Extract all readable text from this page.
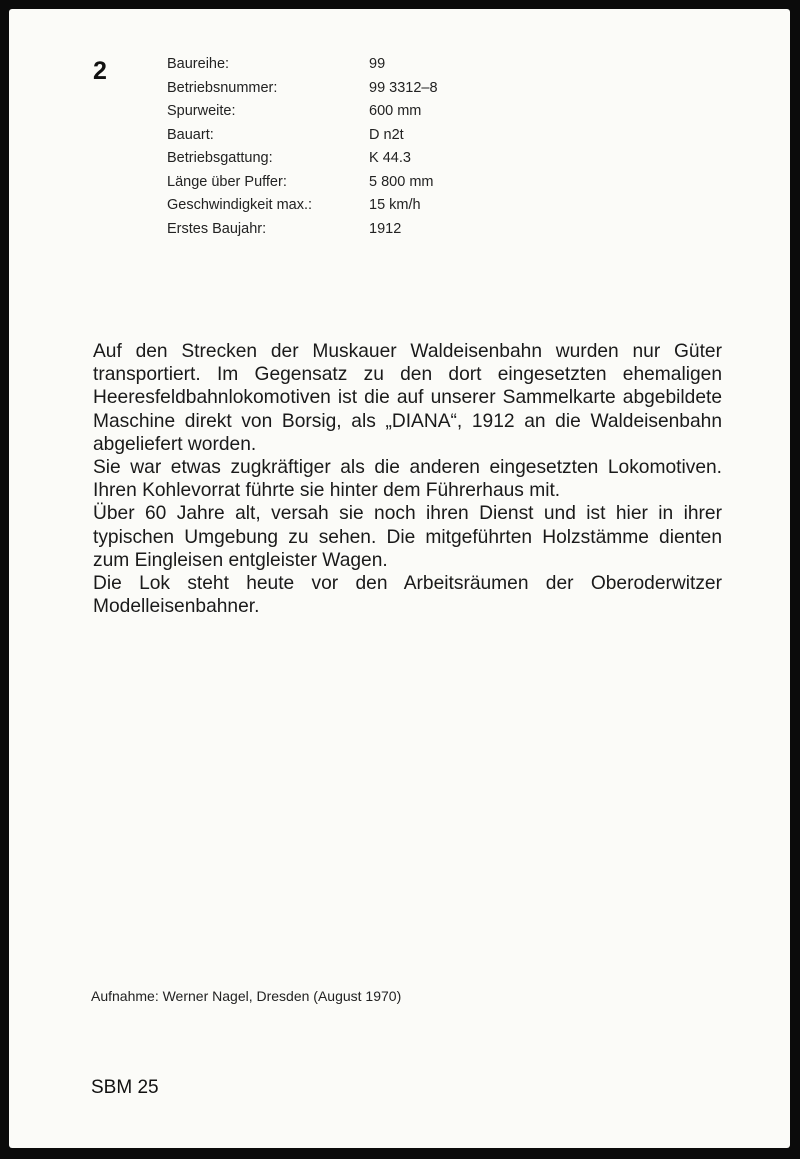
2	Baureihe:	99
Betriebsnummer:	99 3312–8
Spurweite:	600 mm
Bauart:	D n2t
Betriebsgattung:	K 44.3
Länge über Puffer:	5 800 mm
Geschwindigkeit max.:	15 km/h
Erstes Baujahr:	1912

Auf den Strecken der Muskauer Waldeisenbahn wurden nur Güter transportiert. Im Gegensatz zu den dort eingesetzten ehemaligen Heeresfeldbahnlokomotiven ist die auf unserer Sammelkarte abgebildete Maschine direkt von Borsig, als „DIANA“, 1912 an die Waldeisenbahn abgeliefert worden.

Sie war etwas zugkräftiger als die anderen eingesetzten Lokomotiven. Ihren Kohlevorrat führte sie hinter dem Führerhaus mit.

Über 60 Jahre alt, versah sie noch ihren Dienst und ist hier in ihrer typischen Umgebung zu sehen. Die mitgeführten Holzstämme dienten zum Eingleisen entgleister Wagen.

Die Lok steht heute vor den Arbeitsräumen der Oberoderwitzer Modelleisenbahner.

Aufnahme: Werner Nagel, Dresden (August 1970)
SBM 25
